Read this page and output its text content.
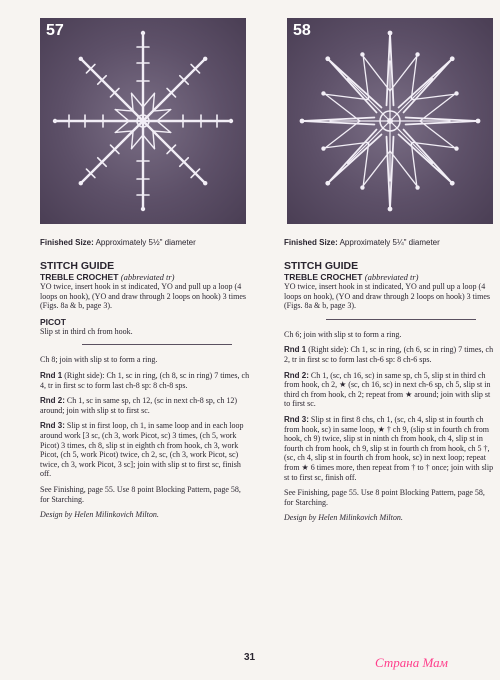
57	58
Finished Size: Approximately 5½" diameter
STITCH GUIDE
TREBLE CROCHET (abbreviated tr)

YO twice, insert hook in st indicated, YO and pull up a loop (4 loops on hook), (YO and draw through 2 loops on hook) 3 times (Figs. 8a & b, page 3).

PICOT

Slip st in third ch from hook.

Ch 8; join with slip st to form a ring.

Rnd 1 (Right side): Ch 1, sc in ring, (ch 8, sc in ring) 7 times, ch 4, tr in first sc to form last ch-8 sp: 8 ch-8 sps.

Rnd 2: Ch 1, sc in same sp, ch 12, (sc in next ch-8 sp, ch 12) around; join with slip st to first sc.

Rnd 3: Slip st in first loop, ch 1, in same loop and in each loop around work [3 sc, (ch 3, work Picot, sc) 3 times, (ch 5, work Picot) 3 times, ch 8, slip st in eighth ch from hook, ch 3, work Picot, (ch 5, work Picot) twice, ch 2, sc, (ch 3, work Picot, sc) twice, ch 3, work Picot, 3 sc]; join with slip st to first sc, finish off.

See Finishing, page 55. Use 8 point Blocking Pattern, page 58, for Starching.

Design by Helen Milinkovich Milton.
Finished Size: Approximately 5¼" diameter
STITCH GUIDE
TREBLE CROCHET (abbreviated tr)

YO twice, insert hook in st indicated, YO and pull up a loop (4 loops on hook), (YO and draw through 2 loops on hook) 3 times (Figs. 8a & b, page 3).

Ch 6; join with slip st to form a ring.

Rnd 1 (Right side): Ch 1, sc in ring, (ch 6, sc in ring) 7 times, ch 2, tr in first sc to form last ch-6 sp: 8 ch-6 sps.

Rnd 2: Ch 1, (sc, ch 16, sc) in same sp, ch 5, slip st in third ch from hook, ch 2, ★ (sc, ch 16, sc) in next ch-6 sp, ch 5, slip st in third ch from hook, ch 2; repeat from ★ around; join with slip st to first sc.

Rnd 3: Slip st in first 8 chs, ch 1, (sc, ch 4, slip st in fourth ch from hook, sc) in same loop, ★ † ch 9, (slip st in fourth ch from hook, ch 9) twice, slip st in ninth ch from hook, ch 4, slip st in fourth ch from hook, ch 9, slip st in fourth ch from hook, ch 5 †, (sc, ch 4, slip st in fourth ch from hook, sc) in next loop; repeat from ★ 6 times more, then repeat from † to † once; join with slip st to first sc, finish off.

See Finishing, page 55. Use 8 point Blocking Pattern, page 58, for Starching.

Design by Helen Milinkovich Milton.
31	Страна Мам
